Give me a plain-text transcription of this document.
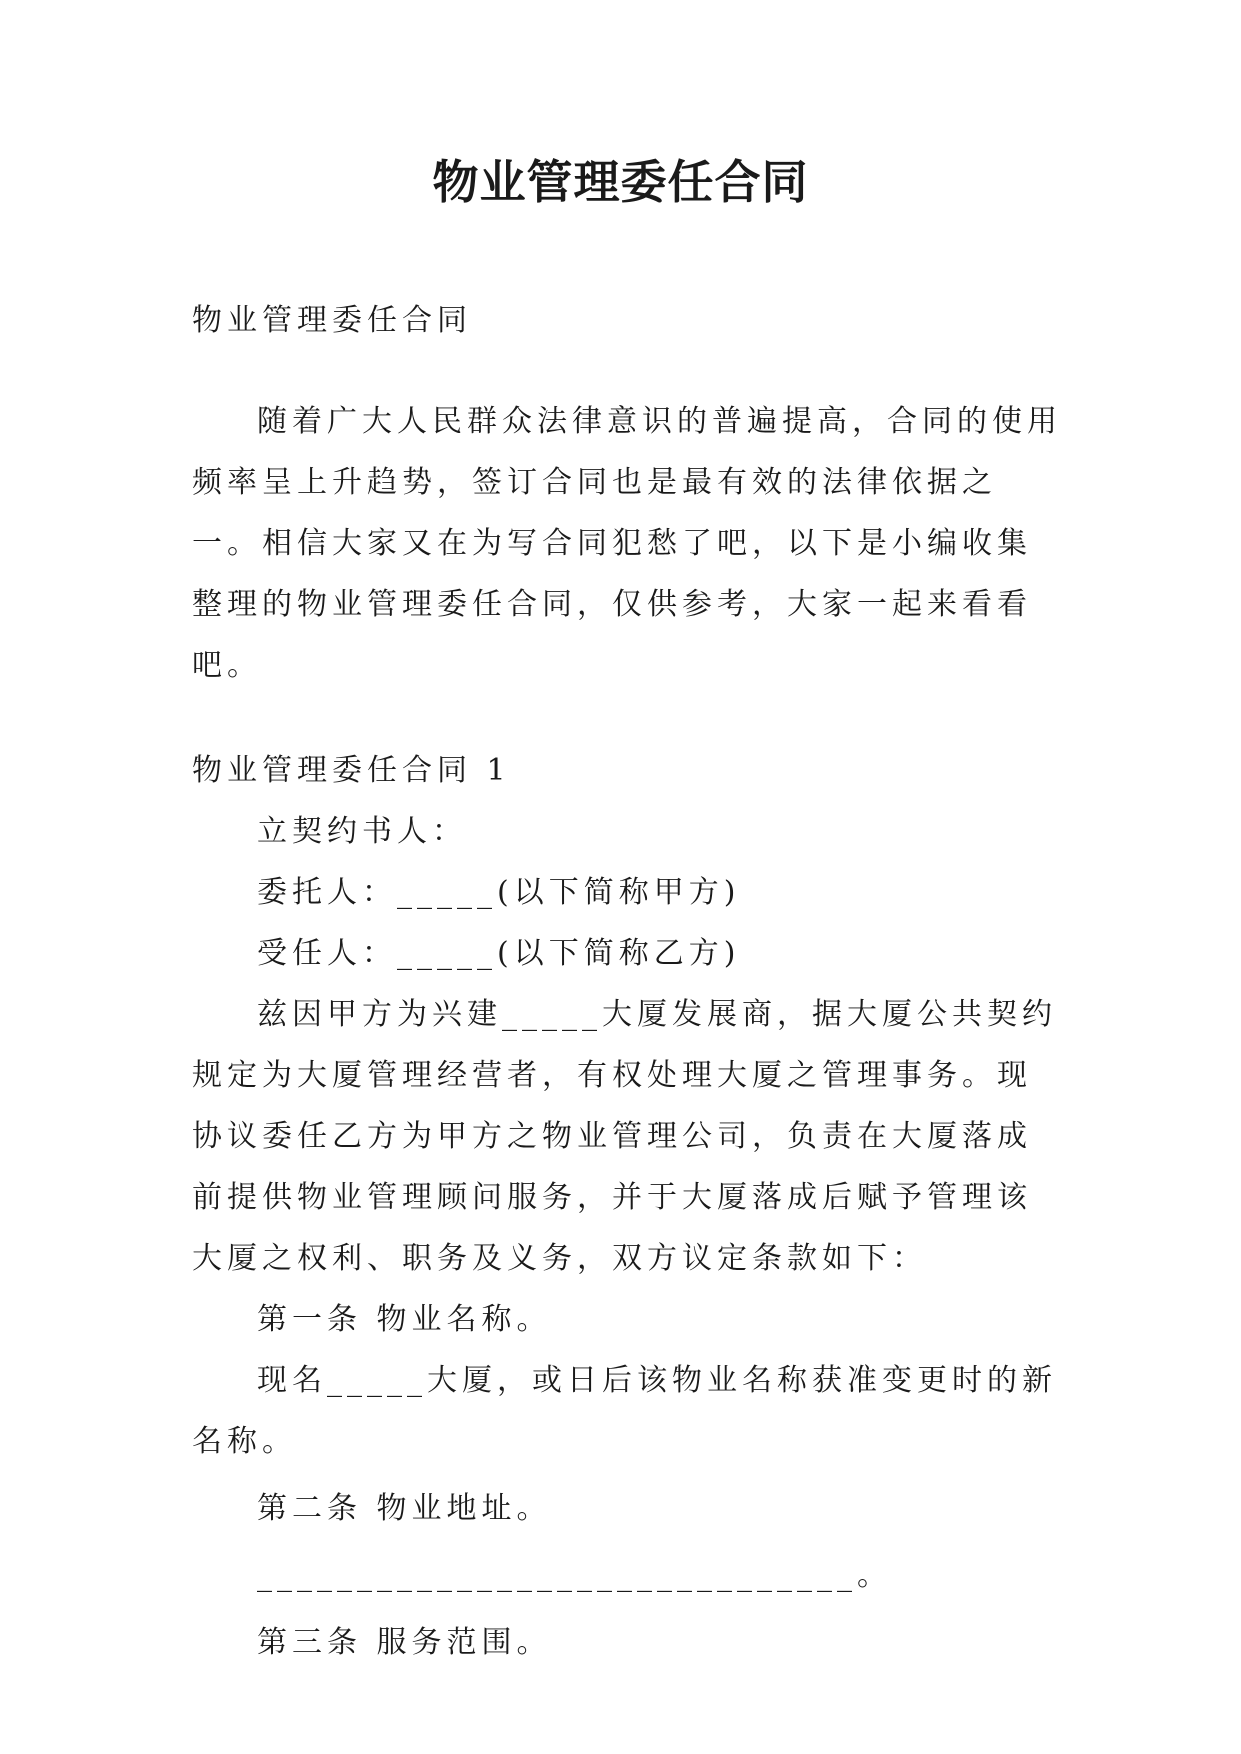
物业管理委任合同

物业管理委任合同

随着广大人民群众法律意识的普遍提高，合同的使用频率呈上升趋势，签订合同也是最有效的法律依据之一。相信大家又在为写合同犯愁了吧，以下是小编收集整理的物业管理委任合同，仅供参考，大家一起来看看吧。

物业管理委任合同 1

立契约书人：

委托人：_____(以下简称甲方)

受任人：_____(以下简称乙方)

兹因甲方为兴建_____大厦发展商，据大厦公共契约规定为大厦管理经营者，有权处理大厦之管理事务。现协议委任乙方为甲方之物业管理公司，负责在大厦落成前提供物业管理顾问服务，并于大厦落成后赋予管理该大厦之权利、职务及义务，双方议定条款如下：

第一条 物业名称。

现名_____大厦，或日后该物业名称获准变更时的新名称。

第二条 物业地址。

______________________________。

第三条 服务范围。
